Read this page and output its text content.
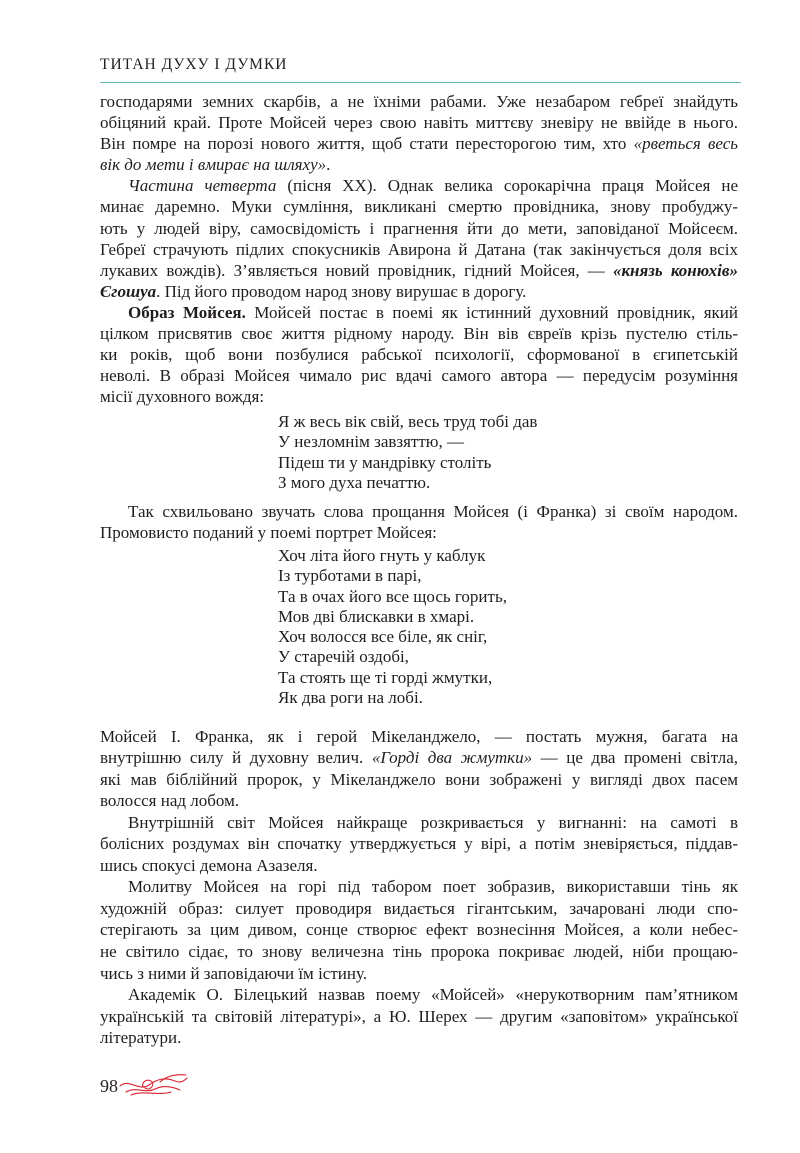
ТИТАН ДУХУ І ДУМКИ
господарями земних скарбів, а не їхніми рабами. Уже незабаром гебреї знайдуть
обіцяний край. Проте Мойсей через свою навіть миттєву зневіру не ввійде в нього.
Він помре на порозі нового життя, щоб стати пересторогою тим, хто «рветься весь
вік до мети і вмирає на шляху».
Частина четверта (пісня XX). Однак велика сорокарічна праця Мойсея не
минає даремно. Муки сумління, викликані смертю провідника, знову пробуджу-
ють у людей віру, самосвідомість і прагнення йти до мети, заповіданої Мойсеєм.
Гебреї страчують підлих спокусників Авирона й Датана (так закінчується доля всіх
лукавих вождів). З’являється новий провідник, гідний Мойсея, — «князь конюхів»
Єгошуа. Під його проводом народ знову вирушає в дорогу.
Образ Мойсея. Мойсей постає в поемі як істинний духовний провідник, який
цілком присвятив своє життя рідному народу. Він вів євреїв крізь пустелю стіль-
ки років, щоб вони позбулися рабської психології, сформованої в єгипетській
неволі. В образі Мойсея чимало рис вдачі самого автора — передусім розуміння
місії духовного вождя:
Я ж весь вік свій, весь труд тобі дав
У незломнім завзяттю, —
Підеш ти у мандрівку століть
З мого духа печаттю.
Так схвильовано звучать слова прощання Мойсея (і Франка) зі своїм народом.
Промовисто поданий у поемі портрет Мойсея:
Хоч літа його гнуть у каблук
Із турботами в парі,
Та в очах його все щось горить,
Мов дві блискавки в хмарі.
Хоч волосся все біле, як сніг,
У старечій оздобі,
Та стоять ще ті горді жмутки,
Як два роги на лобі.
Мойсей І. Франка, як і герой Мікеланджело, — постать мужня, багата на
внутрішню силу й духовну велич. «Горді два жмутки» — це два промені світла,
які мав біблійний пророк, у Мікеланджело вони зображені у вигляді двох пасем
волосся над лобом.
Внутрішній світ Мойсея найкраще розкривається у вигнанні: на самоті в
болісних роздумах він спочатку утверджується у вірі, а потім зневіряється, піддав-
шись спокусі демона Азазеля.
Молитву Мойсея на горі під табором поет зобразив, використавши тінь як
художній образ: силует проводиря видається гігантським, зачаровані люди спо-
стерігають за цим дивом, сонце створює ефект вознесіння Мойсея, а коли небес-
не світило сідає, то знову величезна тінь пророка покриває людей, ніби прощаю-
чись з ними й заповідаючи їм істину.
Академік О. Білецький назвав поему «Мойсей» «нерукотворним пам’ятником
українській та світовій літературі», а Ю. Шерех — другим «заповітом» української
літератури.
98
